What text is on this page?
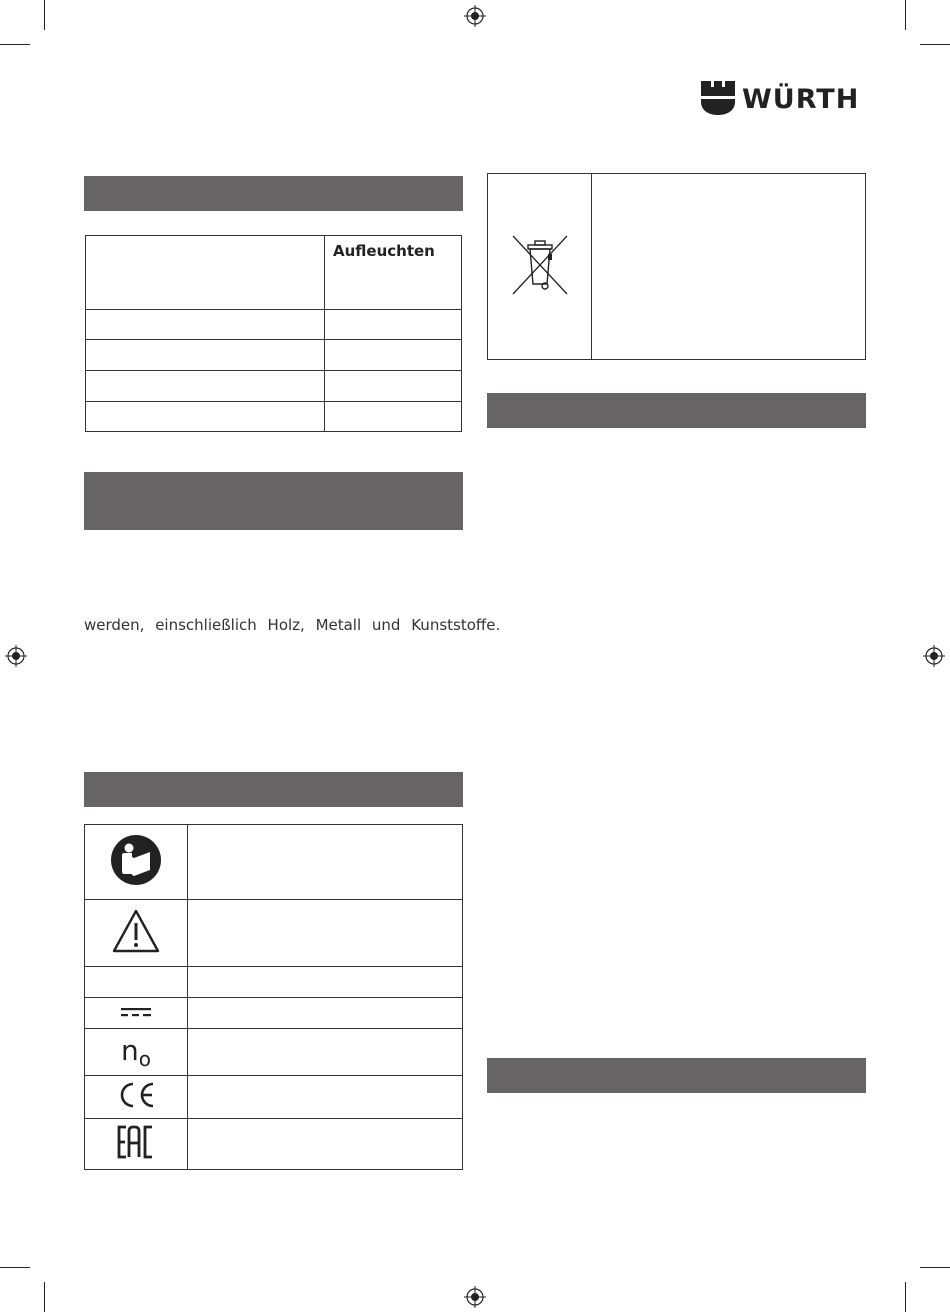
WÜRTH

	Aufleuchten

werden, einschließlich Holz, Metall und Kunststoffe.

$n_o$	
